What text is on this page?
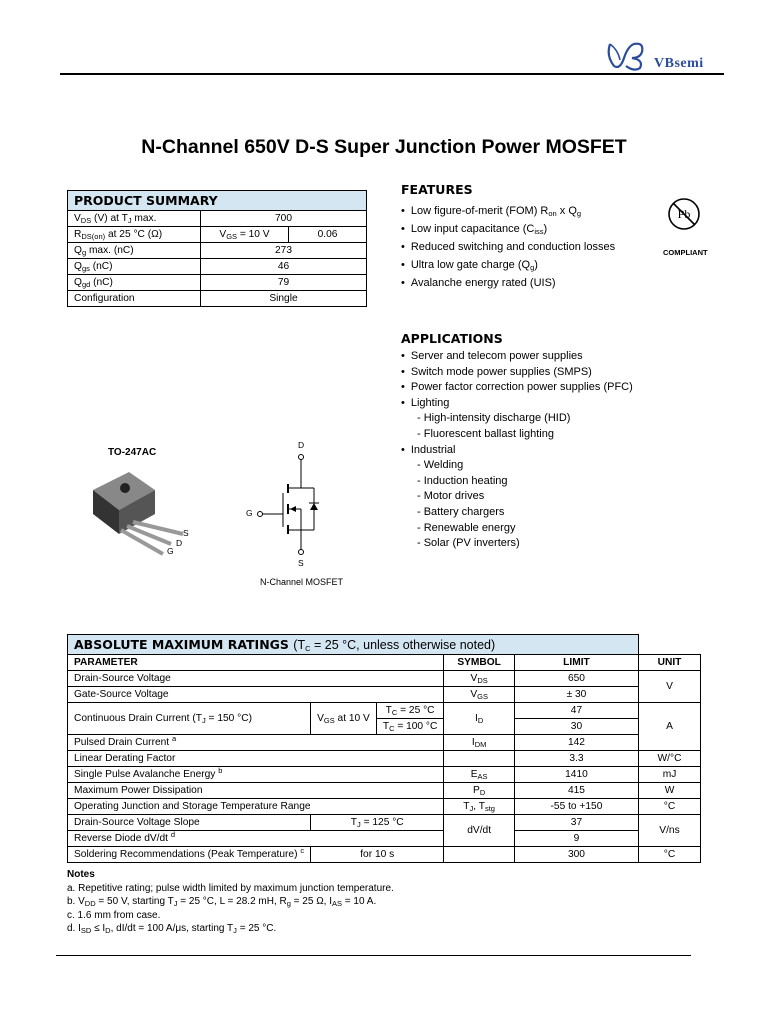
VBsemi
N-Channel 650V D-S Super Junction Power MOSFET
PRODUCT SUMMARY		
$V_{DS}$ (V) at $T_J$ max.	700	
$R_{DS(on)}$ at 25 °C (Ω)	$V_{GS} = 10$ V	0.06
$Q_g$ max. (nC)	273	
$Q_{gs}$ (nC)	46	
$Q_{gd}$ (nC)	79	
Configuration	Single	
FEATURES
• Low figure-of-merit (FOM) $R_{on}$ x $Q_g$
• Low input capacitance $(C_{iss})$
• Reduced switching and conduction losses
• Ultra low gate charge $(Q_g)$
• Avalanche energy rated (UIS)
Pb
COMPLIANT
APPLICATIONS
• Server and telecom power supplies
• Switch mode power supplies (SMPS)
• Power factor correction power supplies (PFC)
• Lighting
- High-intensity discharge (HID)
- Fluorescent ballast lighting
• Industrial
- Welding
- Induction heating
- Motor drives
- Battery chargers
- Renewable energy
- Solar (PV inverters)
TO-247AC
S
D
G
D
G
S
N-Channel MOSFET
ABSOLUTE MAXIMUM RATINGS ($T_C = 25$ °C, unless otherwise noted)					
PARAMETER			SYMBOL	LIMIT	UNIT
Drain-Source Voltage			$V_{DS}$	650	V
Gate-Source Voltage			$V_{GS}$	± 30	
Continuous Drain Current ($T_J = 150$ °C)	$V_{GS}$ at 10 V	$T_C = 25$ °C	$I_D$	47	A
		$T_C = 100$ °C		30	
Pulsed Drain Current $^a$			$I_{DM}$	142	
Linear Derating Factor				3.3	W/°C
Single Pulse Avalanche Energy $^b$			$E_{AS}$	1410	mJ
Maximum Power Dissipation			$P_D$	415	W
Operating Junction and Storage Temperature Range			$T_J$, $T_{stg}$	-55 to +150	°C
Drain-Source Voltage Slope	$T_J = 125$ °C		dV/dt	37	V/ns
Reverse Diode dV/dt $^d$				9	
Soldering Recommendations (Peak Temperature) $^c$	for 10 s			300	°C
Notes
a. Repetitive rating; pulse width limited by maximum junction temperature.
b. $V_{DD} = 50$ V, starting $T_J = 25$ °C, L = 28.2 mH, $R_g = 25$ Ω, $I_{AS} = 10$ A.
c. 1.6 mm from case.
d. $I_{SD} \le I_D$, dI/dt = 100 A/μs, starting $T_J = 25$ °C.
